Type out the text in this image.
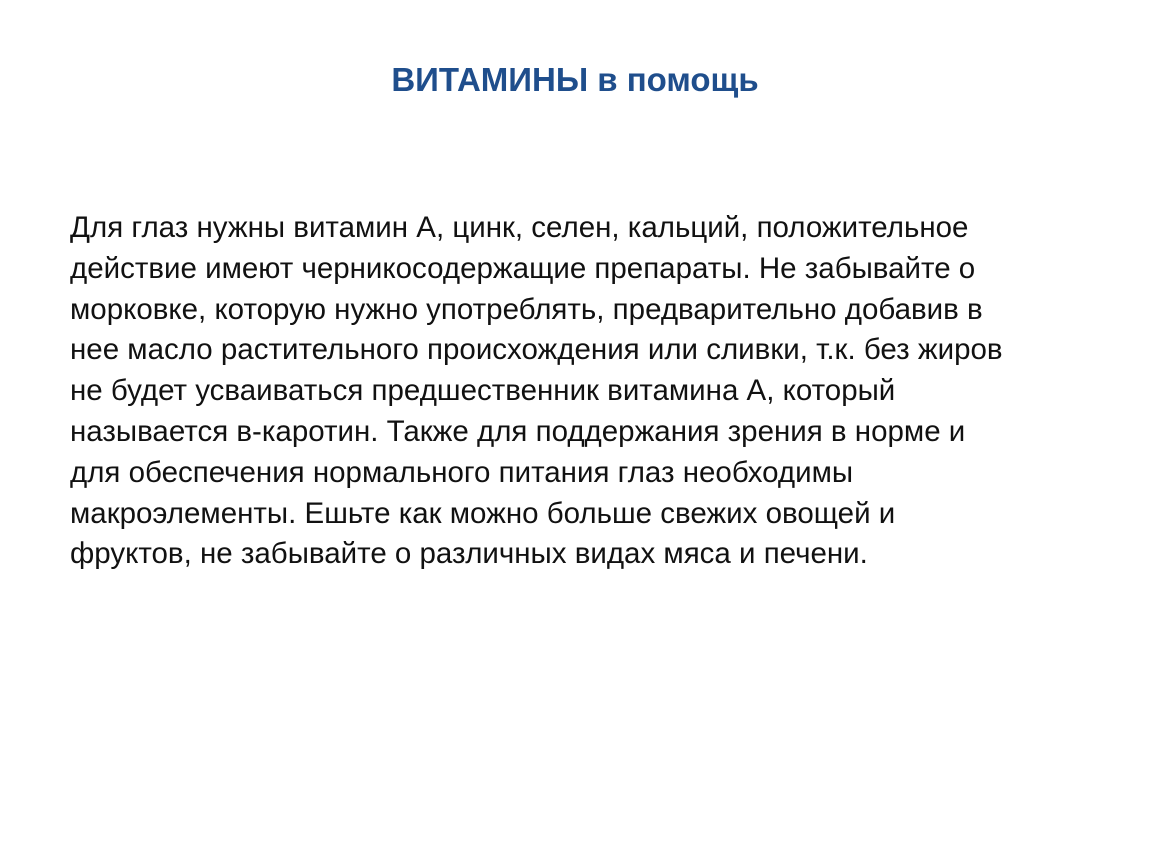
ВИТАМИНЫ в помощь
Для глаз нужны витамин А, цинк, селен, кальций, положительное
действие имеют черникосодержащие препараты. Не забывайте о
морковке, которую нужно употреблять, предварительно добавив в
нее масло растительного происхождения или сливки, т.к. без жиров
не будет усваиваться предшественник витамина А, который
называется в-каротин. Также для поддержания зрения в норме и
для обеспечения нормального питания глаз необходимы
макроэлементы. Ешьте как можно больше свежих овощей и
фруктов, не забывайте о различных видах мяса и печени.
